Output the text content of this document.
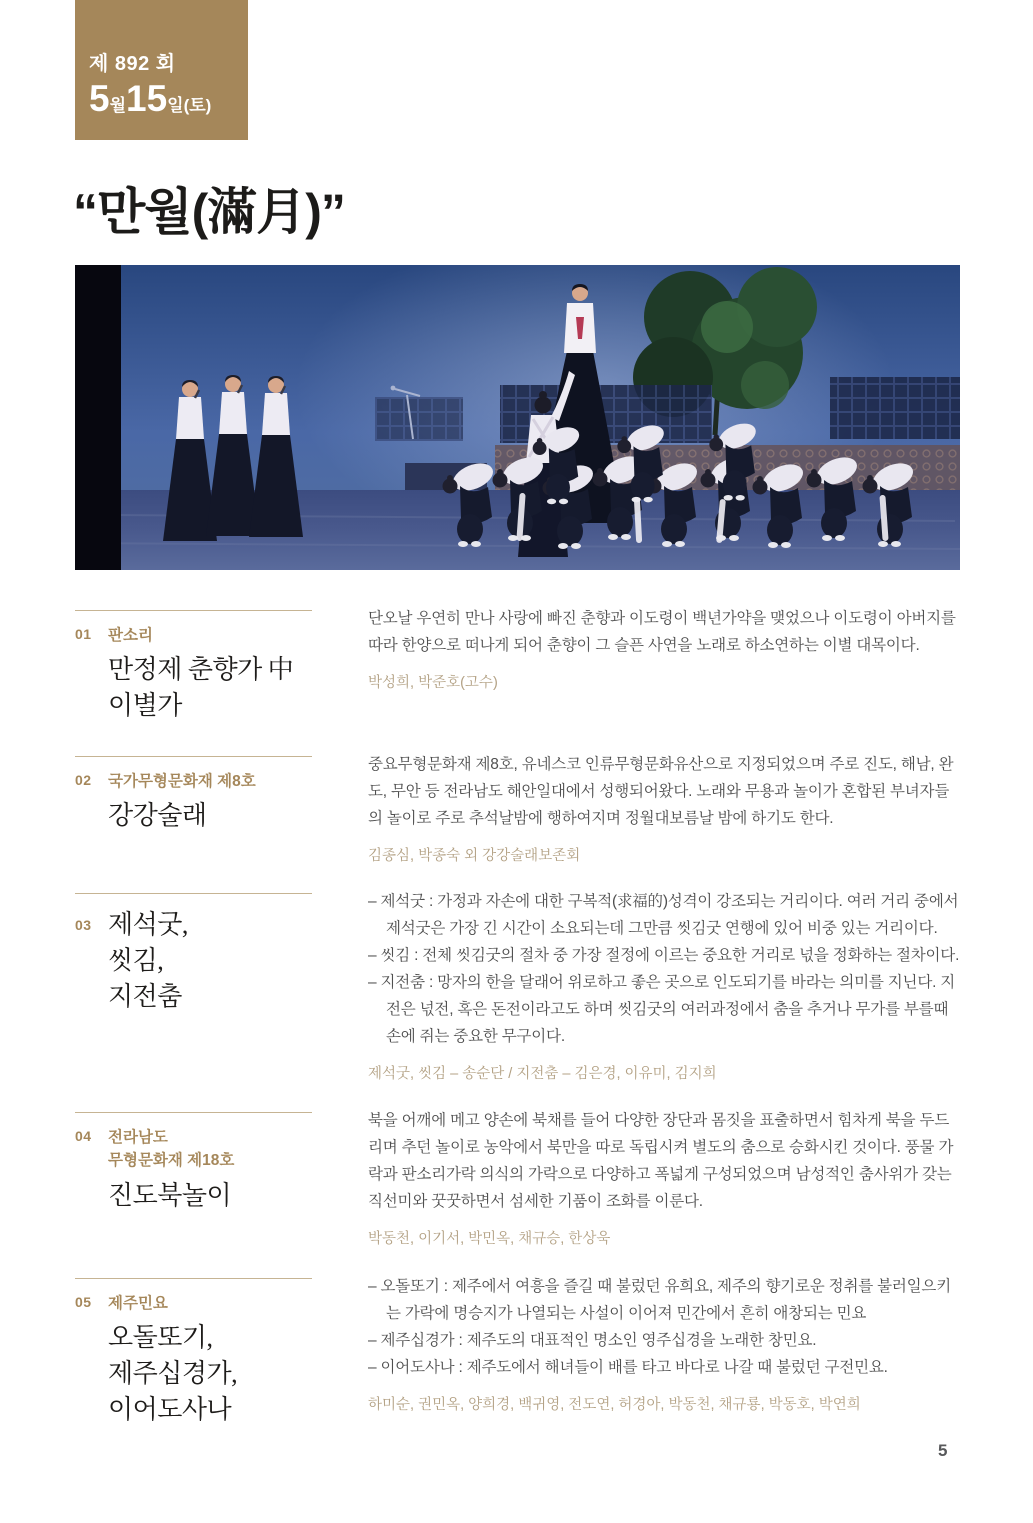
제 892 회
5월15일(토)
“만월(滿月)”
01	판소리
만정제 춘향가 中
이별가

단오날 우연히 만나 사랑에 빠진 춘향과 이도령이 백년가약을 맺었으나 이도령이 아버지를 따라 한양으로 떠나게 되어 춘향이 그 슬픈 사연을 노래로 하소연하는 이별 대목이다.

박성희, 박준호(고수)

02	국가무형문화재 제8호
강강술래

중요무형문화재 제8호, 유네스코 인류무형문화유산으로 지정되었으며 주로 진도, 해남, 완도, 무안 등 전라남도 해안일대에서 성행되어왔다. 노래와 무용과 놀이가 혼합된 부녀자들의 놀이로 주로 추석날밤에 행하여지며 정월대보름날 밤에 하기도 한다.

김종심, 박종숙 외 강강술래보존회

03 제석굿,
씻김,
지전춤
– 제석굿 : 가정과 자손에 대한 구복적(求福的)성격이 강조되는 거리이다. 여러 거리 중에서 제석굿은 가장 긴 시간이 소요되는데 그만큼 씻김굿 연행에 있어 비중 있는 거리이다.
– 씻김 : 전체 씻김굿의 절차 중 가장 절정에 이르는 중요한 거리로 넋을 정화하는 절차이다.
– 지전춤 : 망자의 한을 달래어 위로하고 좋은 곳으로 인도되기를 바라는 의미를 지닌다. 지전은 넋전, 혹은 돈전이라고도 하며 씻김굿의 여러과정에서 춤을 추거나 무가를 부를때 손에 쥐는 중요한 무구이다.

제석굿, 씻김 – 송순단 / 지전춤 – 김은경, 이유미, 김지희

04	전라남도
무형문화재 제18호
진도북놀이

북을 어깨에 메고 양손에 북채를 들어 다양한 장단과 몸짓을 표출하면서 힘차게 북을 두드리며 추던 놀이로 농악에서 북만을 따로 독립시켜 별도의 춤으로 승화시킨 것이다. 풍물 가락과 판소리가락 의식의 가락으로 다양하고 폭넓게 구성되었으며 남성적인 춤사위가 갖는 직선미와 꿋꿋하면서 섬세한 기품이 조화를 이룬다.

박동천, 이기서, 박민옥, 채규승, 한상욱

05	제주민요
오돌또기,
제주십경가,
이어도사나
– 오돌또기 : 제주에서 여흥을 즐길 때 불렀던 유희요, 제주의 향기로운 정취를 불러일으키는 가락에 명승지가 나열되는 사설이 이어져 민간에서 흔히 애창되는 민요
– 제주십경가 : 제주도의 대표적인 명소인 영주십경을 노래한 창민요.
– 이어도사나 : 제주도에서 해녀들이 배를 타고 바다로 나갈 때 불렀던 구전민요.

하미순, 권민옥, 양희경, 백귀영, 전도연, 허경아, 박동천, 채규룡, 박동호, 박연희

5
